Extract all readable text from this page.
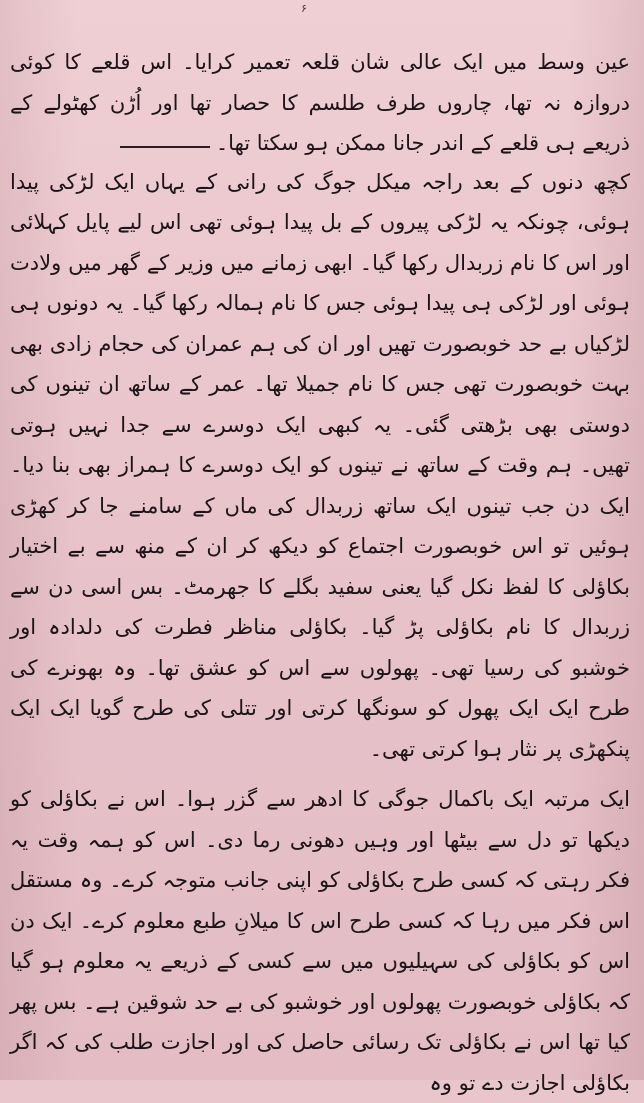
۶

عین وسط میں ایک عالی شان قلعہ تعمیر کرایا۔ اس قلعے کا کوئی دروازہ نہ تھا، چاروں طرف طلسم کا حصار تھا اور اُڑن کھٹولے کے ذریعے ہی قلعے کے اندر جانا ممکن ہو سکتا تھا۔

کچھ دنوں کے بعد راجہ میکل جوگ کی رانی کے یہاں ایک لڑکی پیدا ہوئی، چونکہ یہ لڑکی پیروں کے بل پیدا ہوئی تھی اس لیے پایل کہلائی اور اس کا نام زربدال رکھا گیا۔ ابھی زمانے میں وزیر کے گھر میں ولادت ہوئی اور لڑکی ہی پیدا ہوئی جس کا نام ہمالہ رکھا گیا۔ یہ دونوں ہی لڑکیاں بے حد خوبصورت تھیں اور ان کی ہم عمران کی حجام زادی بھی بہت خوبصورت تھی جس کا نام جمیلا تھا۔ عمر کے ساتھ ان تینوں کی دوستی بھی بڑھتی گئی۔ یہ کبھی ایک دوسرے سے جدا نہیں ہوتی تھیں۔ ہم وقت کے ساتھ نے تینوں کو ایک دوسرے کا ہمراز بھی بنا دیا۔ ایک دن جب تینوں ایک ساتھ زربدال کی ماں کے سامنے جا کر کھڑی ہوئیں تو اس خوبصورت اجتماع کو دیکھ کر ان کے منھ سے بے اختیار بکاؤلی کا لفظ نکل گیا یعنی سفید بگلے کا جھرمٹ۔ بس اسی دن سے زربدال کا نام بکاؤلی پڑ گیا۔ بکاؤلی مناظر فطرت کی دلدادہ اور خوشبو کی رسیا تھی۔ پھولوں سے اس کو عشق تھا۔ وہ بھونرے کی طرح ایک ایک پھول کو سونگھا کرتی اور تتلی کی طرح گویا ایک ایک پنکھڑی پر نثار ہوا کرتی تھی۔

ایک مرتبہ ایک باکمال جوگی کا ادھر سے گزر ہوا۔ اس نے بکاؤلی کو دیکھا تو دل سے بیٹھا اور وہیں دھونی رما دی۔ اس کو ہمہ وقت یہ فکر رہتی کہ کسی طرح بکاؤلی کو اپنی جانب متوجہ کرے۔ وہ مستقل اس فکر میں رہا کہ کسی طرح اس کا میلانِ طبع معلوم کرے۔ ایک دن اس کو بکاؤلی کی سہیلیوں میں سے کسی کے ذریعے یہ معلوم ہو گیا کہ بکاؤلی خوبصورت پھولوں اور خوشبو کی بے حد شوقین ہے۔ بس پھر کیا تھا اس نے بکاؤلی تک رسائی حاصل کی اور اجازت طلب کی کہ اگر بکاؤلی اجازت دے تو وہ
